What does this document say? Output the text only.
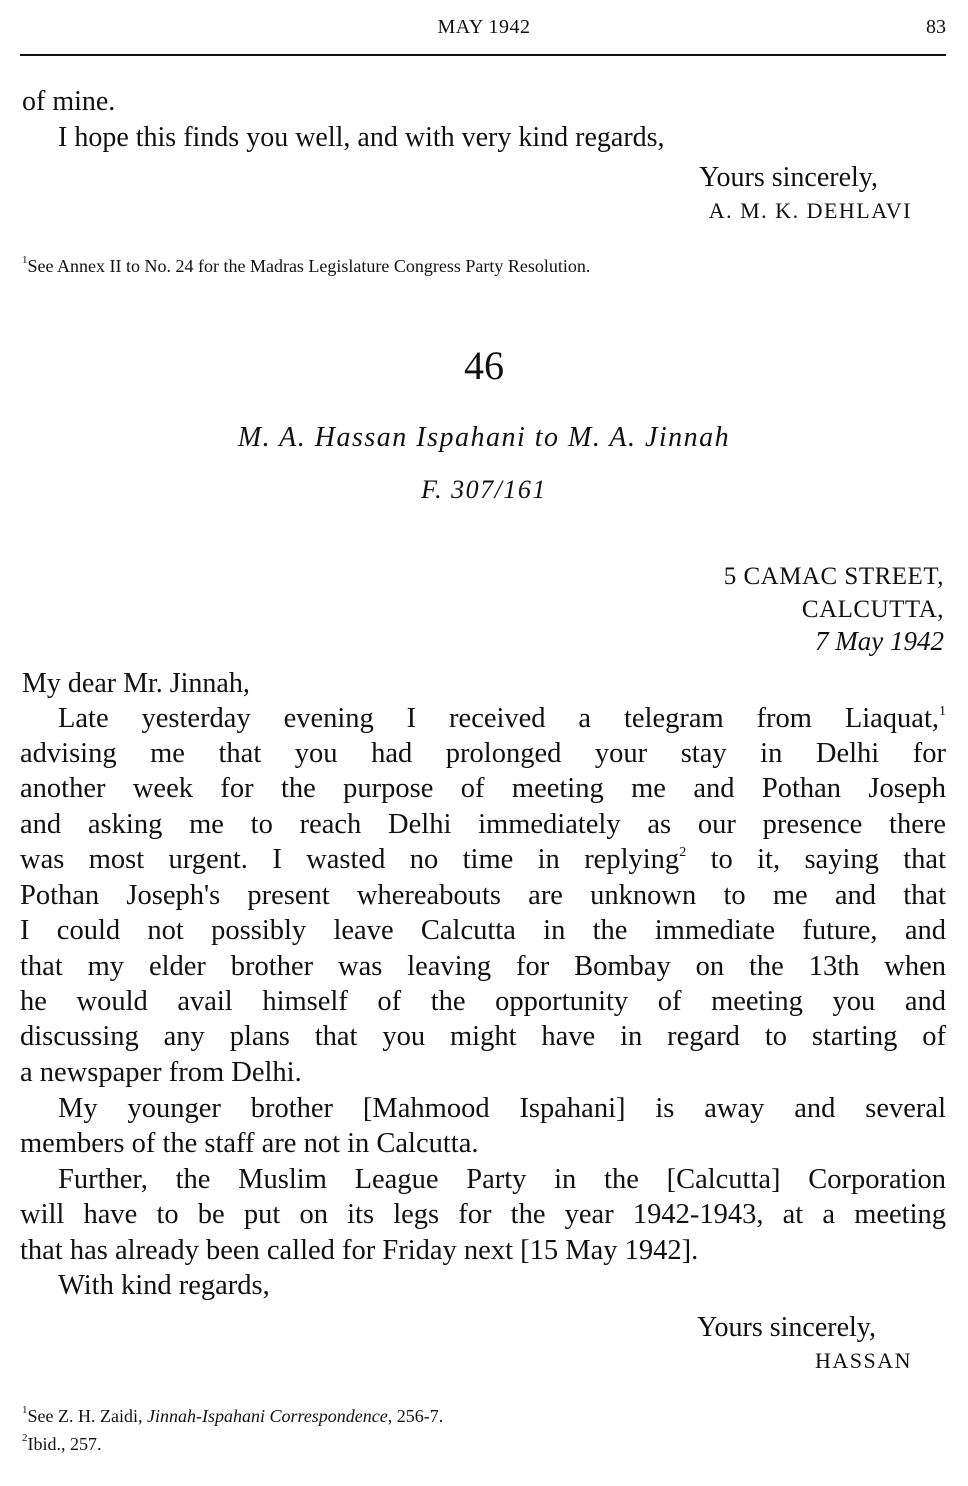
MAY 1942	83
of mine.
I hope this finds you well, and with very kind regards,
Yours sincerely,
A. M. K. DEHLAVI
$^1$See Annex II to No. 24 for the Madras Legislature Congress Party Resolution.
46
M. A. Hassan Ispahani to M. A. Jinnah
F. 307/161
5 CAMAC STREET,
CALCUTTA,
7 May 1942
My dear Mr. Jinnah,
Late yesterday evening I received a telegram from Liaquat,$^1$
advising me that you had prolonged your stay in Delhi for
another week for the purpose of meeting me and Pothan Joseph
and asking me to reach Delhi immediately as our presence there
was most urgent. I wasted no time in replying$^2$ to it, saying that
Pothan Joseph's present whereabouts are unknown to me and that
I could not possibly leave Calcutta in the immediate future, and
that my elder brother was leaving for Bombay on the 13th when
he would avail himself of the opportunity of meeting you and
discussing any plans that you might have in regard to starting of
a newspaper from Delhi.
My younger brother [Mahmood Ispahani] is away and several
members of the staff are not in Calcutta.
Further, the Muslim League Party in the [Calcutta] Corporation
will have to be put on its legs for the year 1942-1943, at a meeting
that has already been called for Friday next [15 May 1942].
With kind regards,
Yours sincerely,
HASSAN
$^1$See Z. H. Zaidi, Jinnah-Ispahani Correspondence, 256-7.
$^2$Ibid., 257.
